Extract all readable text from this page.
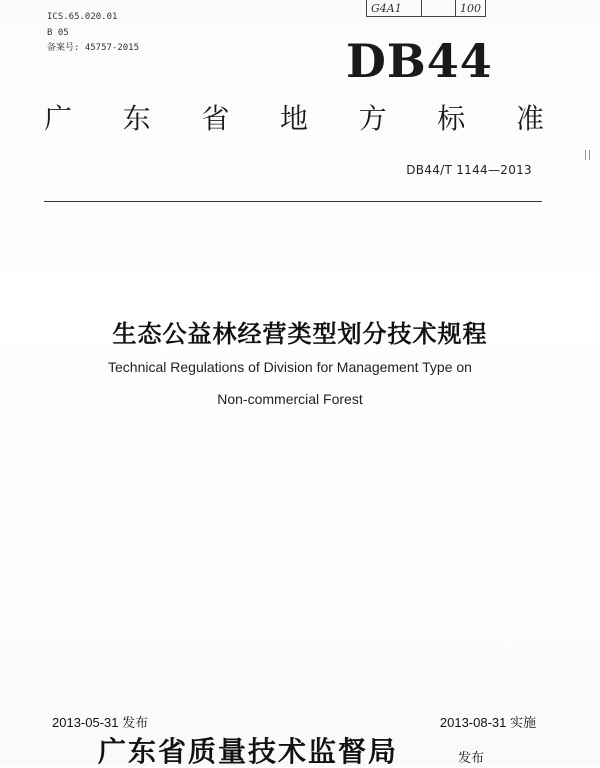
ICS.65.020.01
B 05
备案号: 45757-2015
G4A1	100
DB44
广 东 省 地 方 标 准
DB44/T 1144—2013
生态公益林经营类型划分技术规程
Technical Regulations of Division for Management Type on
Non-commercial Forest
2013-05-31 发布	2013-08-31 实施
广东省质量技术监督局	发布
